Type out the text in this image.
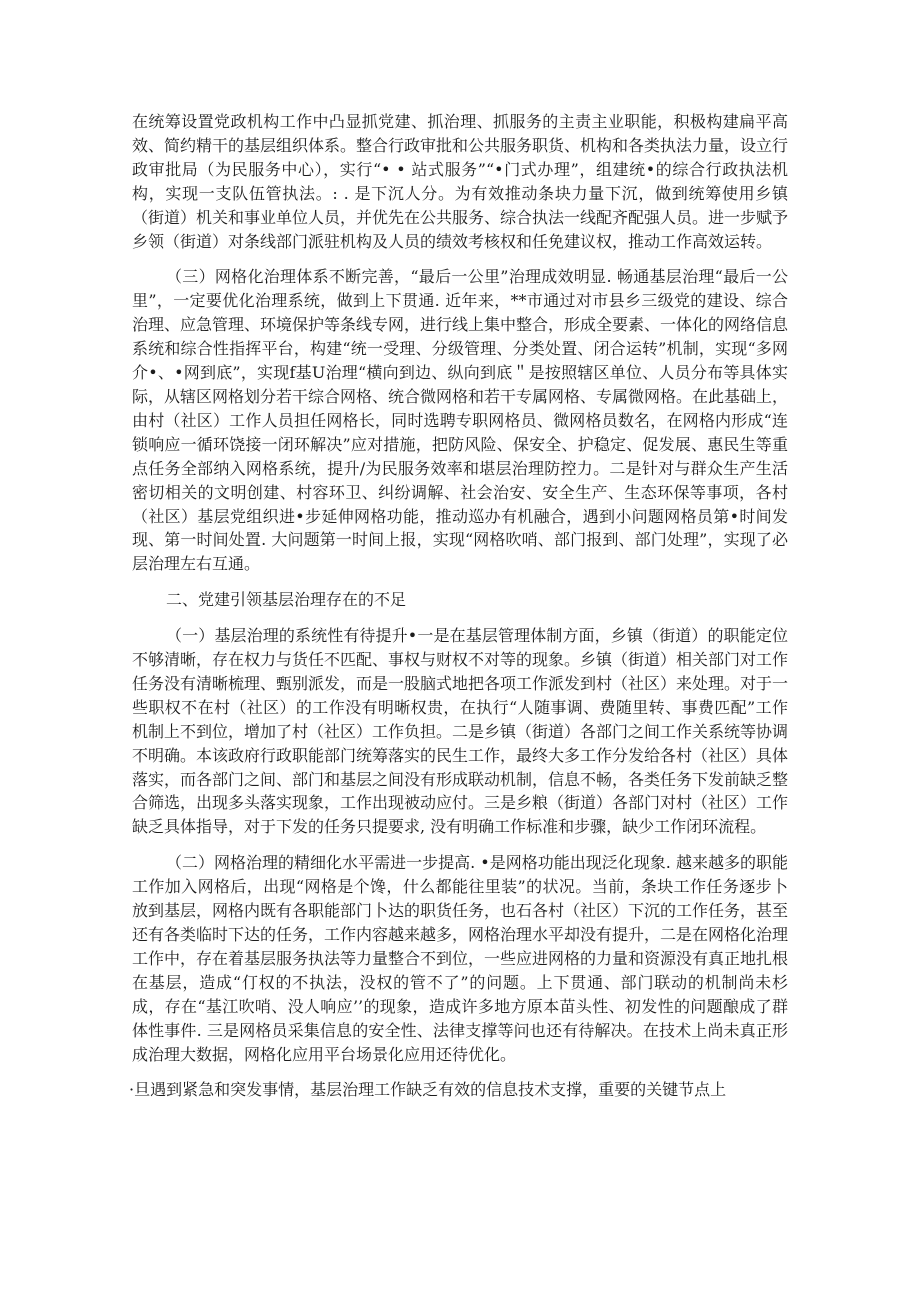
在统筹设置党政机构工作中凸显抓党建、抓治理、抓服务的主责主业职能，积极构建扁平高效、简约精干的基层组织体系。整合行政审批和公共服务职货、机构和各类执法力量，设立行政审批局（为民服务中心），实行“• • 站式服务”“•门式办理”，组建统•的综合行政执法机构，实现一支队伍管执法。: . 是下沉人分。为有效推动条块力量下沉，做到统筹使用乡镇（街道）机关和事业单位人员，并优先在公共服务、综合执法一线配齐配强人员。进一步赋予乡领（街道）对条线部门派驻机构及人员的绩效考核权和任免建议权，推动工作高效运转。

（三）网格化治理体系不断完善，“最后一公里”治理成效明显. 畅通基层治理“最后一公里”，一定要优化治理系统，做到上下贯通. 近年来，**市通过对市县乡三级党的建设、综合治理、应急管理、环境保护等条线专网，进行线上集中整合，形成全要素、一体化的网络信息系统和综合性指挥平台，构建“统一受理、分级管理、分类处置、闭合运转”机制，实现“多网介•、•网到底”，实现f基U治理“横向到边、纵向到底＂是按照辖区单位、人员分布等具体实际，从辖区网格划分若干综合网格、统合微网格和若干专属网格、专属微网格。在此基础上，由村（社区）工作人员担任网格长，同时选聘专职网格员、微网格员数名，在网格内形成“连锁响应一循环饶接一闭环解决”应对措施，把防风险、保安全、护稳定、促发展、惠民生等重点任务全部纳入网格系统，提升/为民服务效率和堪层治理防控力。二是针对与群众生产生活密切相关的文明创建、村容环卫、纠纷调解、社会治安、安全生产、生态环保等事项，各村（社区）基层党组织进•步延伸网格功能，推动巡办有机融合，遇到小问题网格员第•时间发现、第一时间处置. 大问题第一时间上报，实现“网格吹哨、部门报到、部门处理”，实现了必层治理左右互通。

二、党建引领基层治理存在的不足

（一）基层治理的系统性有待提升•一是在基层管理体制方面，乡镇（街道）的职能定位不够清晰，存在权力与货任不匹配、事权与财权不对等的现象。乡镇（街道）相关部门对工作任务没有清晰梳理、甄别派发，而是一股脑式地把各项工作派发到村（社区）来处理。对于一些职权不在村（社区）的工作没有明晰权贵，在执行“人随事调、费随里转、事费匹配”工作机制上不到位，增加了村（社区）工作负担。二是乡镇（街道）各部门之间工作关系统等协调不明确。本该政府行政职能部门统筹落实的民生工作，最终大多工作分发给各村（社区）具体落实，而各部门之间、部门和基层之间没有形成联动机制，信息不畅，各类任务下发前缺乏整合筛选，出现多头落实现象，工作出现被动应付。三是乡粮（街道）各部门对村（社区）工作缺乏具体指导，对于下发的任务只提要求, 没有明确工作标准和步骤，缺少工作闭环流程。

（二）网格治理的精细化水平需进一步提高. •是网格功能出现泛化现象. 越来越多的职能工作加入网格后，出现“网格是个馋，什么都能往里装”的状况。当前，条块工作任务逐步卜放到基层，网格内既有各职能部门卜达的职货任务，也石各村（社区）下沉的工作任务，甚至还有各类临时下达的任务，工作内容越来越多，网格治理水平却没有提升，二是在网格化治理工作中，存在着基层服务执法等力量整合不到位，一些应进网格的力量和资源没有真正地扎根在基层，造成“仃权的不执法，没权的管不了”的问题。上下贯通、部门联动的机制尚未杉成，存在“基江吹哨、没人响应’’的现象，造成许多地方原本苗头性、初发性的问题酿成了群体性事件. 三是网格员采集信息的安全性、法律支撑等问也还有待解决。在技术上尚未真正形成治理大数据，网格化应用平台场景化应用还待优化。

·旦遇到紧急和突发事情，基层治理工作缺乏有效的信息技术支撑，重要的关键节点上
